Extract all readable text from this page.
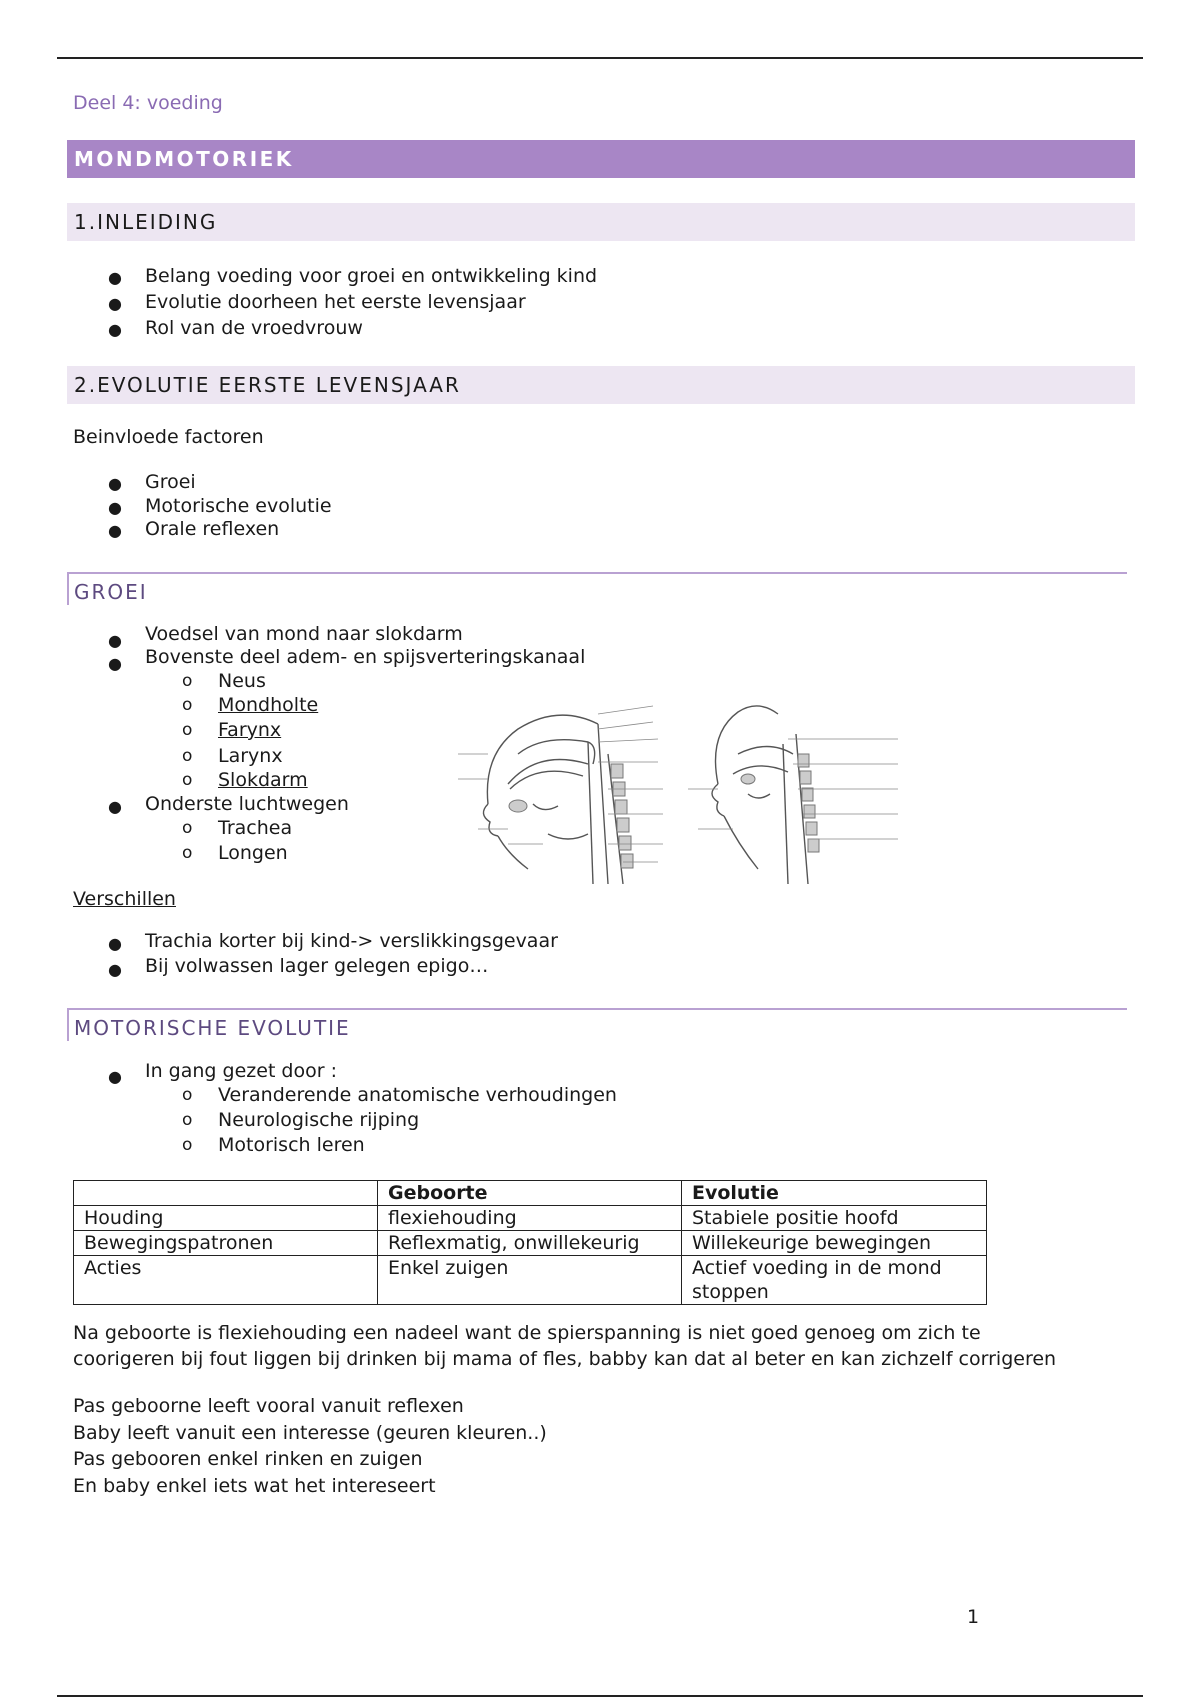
Deel 4: voeding
MONDMOTORIEK
1.INLEIDING
● Belang voeding voor groei en ontwikkeling kind
● Evolutie doorheen het eerste levensjaar
● Rol van de vroedvrouw
2.EVOLUTIE EERSTE LEVENSJAAR
Beinvloede factoren
● Groei
● Motorische evolutie
● Orale reflexen
GROEI
● Voedsel van mond naar slokdarm
● Bovenste deel adem- en spijsverteringskanaal
o Neus
o Mondholte
o Farynx
o Larynx
o Slokdarm
● Onderste luchtwegen
o Trachea
o Longen
Verschillen
● Trachia korter bij kind-> verslikkingsgevaar
● Bij volwassen lager gelegen epigo…
MOTORISCHE EVOLUTIE
● In gang gezet door :
o Veranderende anatomische verhoudingen
o Neurologische rijping
o Motorisch leren
	Geboorte	Evolutie
Houding	flexiehouding	Stabiele positie hoofd
Bewegingspatronen	Reflexmatig, onwillekeurig	Willekeurige bewegingen
Acties	Enkel zuigen	Actief voeding in de mond
stoppen
Na geboorte is flexiehouding een nadeel want de spierspanning is niet goed genoeg om zich te
coorigeren bij fout liggen bij drinken bij mama of fles, babby kan dat al beter en kan zichzelf corrigeren
Pas geboorne leeft vooral vanuit reflexen
Baby leeft vanuit een interesse (geuren kleuren..)
Pas gebooren enkel rinken en zuigen
En baby enkel iets wat het intereseert
1
